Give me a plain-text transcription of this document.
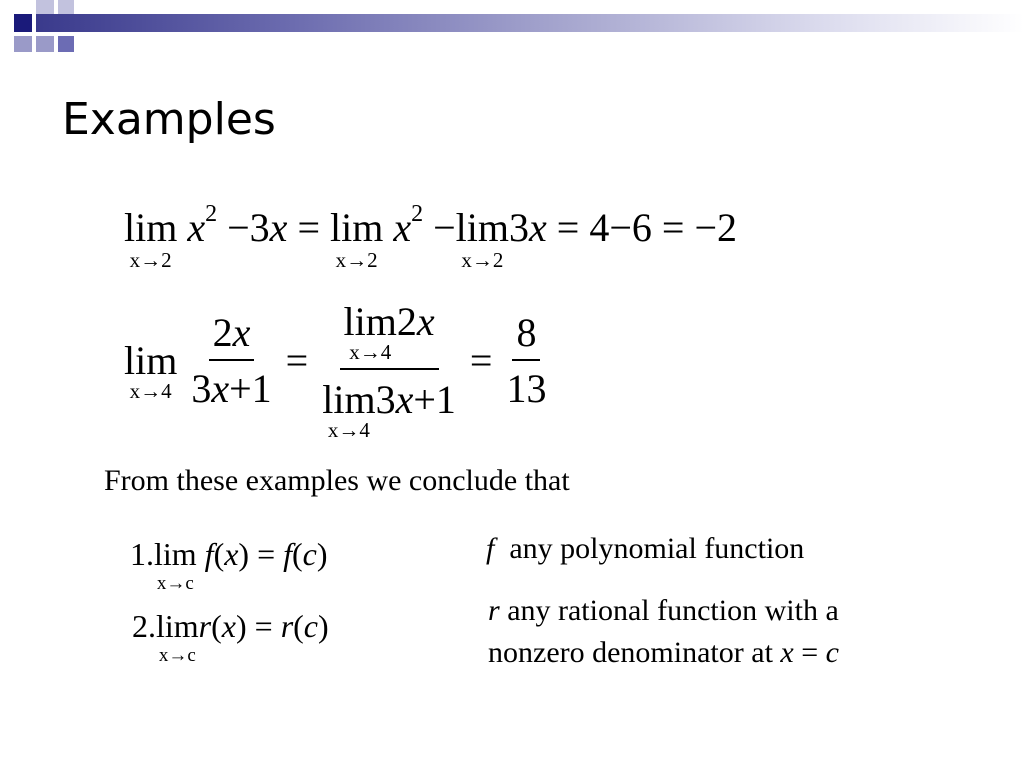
Examples
lim
x→2
$x^2 -3x = \lim$
x→2
$x^2 -\lim$
x→2
3x = 4−6 = −2
lim
x→4
$\frac{2x}{3x+1} = \lim$
x→4
2x
lim
x→4
$3x+1 = \frac{8}{13}$
From these examples we conclude that
1.lim
x→c
f(x) = f(c)	f any polynomial function
2.lim
x→c
r(x) = r(c)	r any rational function with a
nonzero denominator at x = c
